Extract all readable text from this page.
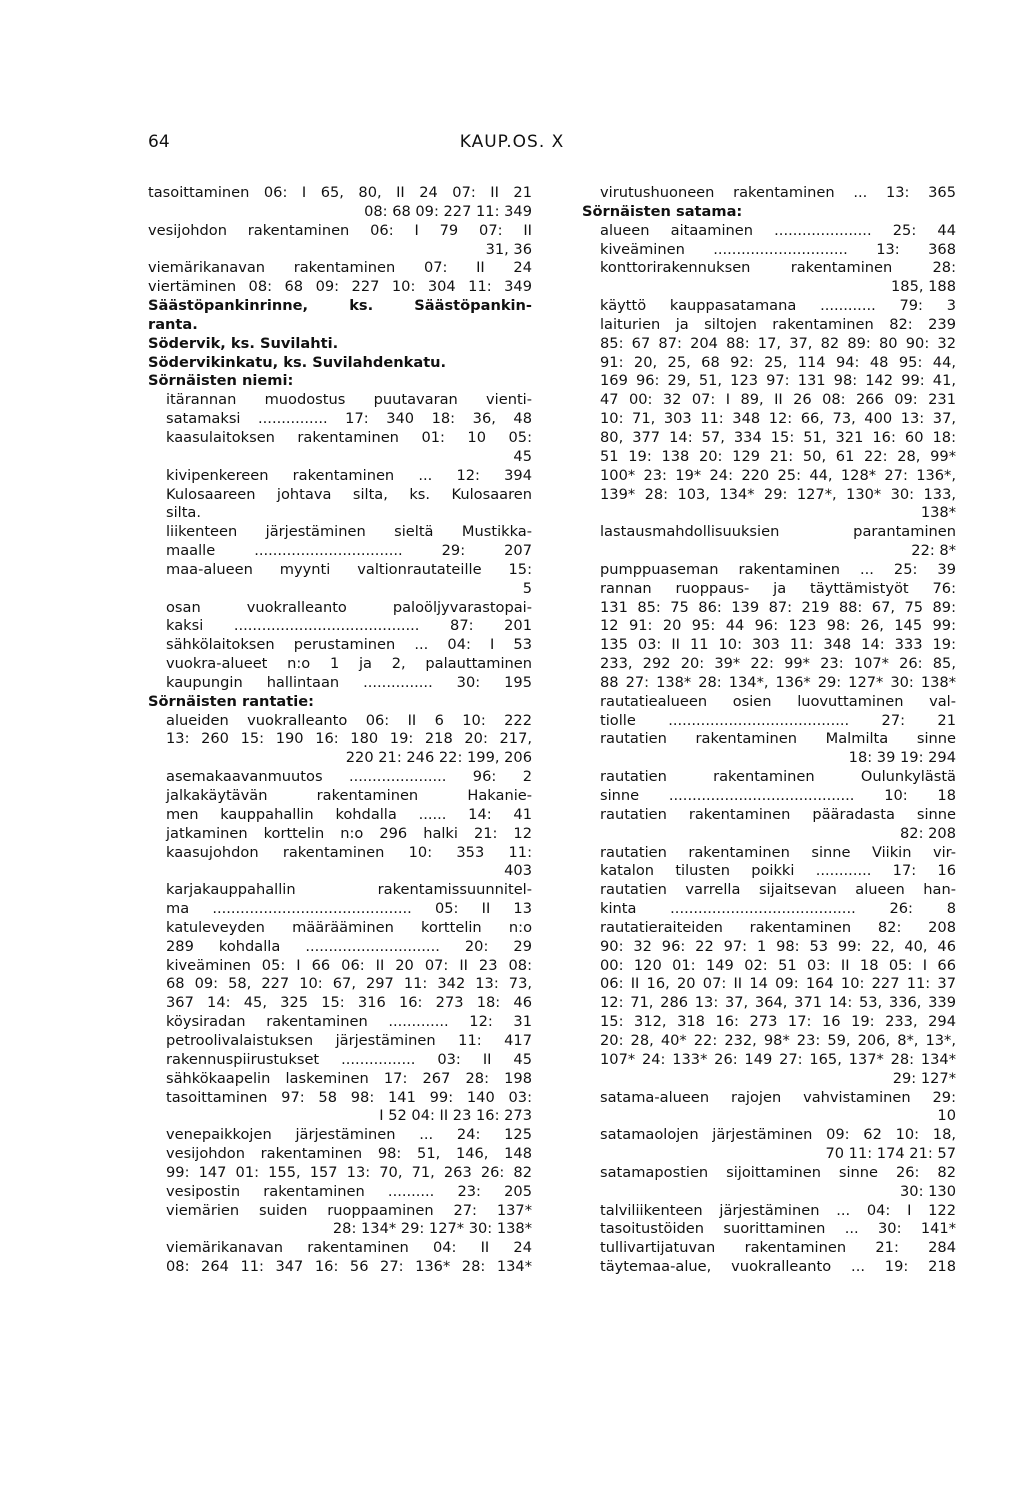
64	KAUP.OS. X
tasoittaminen 06: I 65, 80, II 24 07: II 21
08: 68 09: 227 11: 349
vesijohdon rakentaminen 06: I 79 07: II
31, 36
viemärikanavan rakentaminen 07: II 24
viertäminen 08: 68 09: 227 10: 304 11: 349
Säästöpankinrinne, ks. Säästöpankin-
ranta.
Södervik, ks. Suvilahti.
Södervikinkatu, ks. Suvilahdenkatu.
Sörnäisten niemi:
itärannan muodostus puutavaran vienti-
satamaksi ............... 17: 340 18: 36, 48
kaasulaitoksen rakentaminen 01: 10 05:
45
kivipenkereen rakentaminen ... 12: 394
Kulosaareen johtava silta, ks. Kulosaaren
silta.
liikenteen järjestäminen sieltä Mustikka-
maalle ................................ 29: 207
maa-alueen myynti valtionrautateille 15:
5
osan vuokralleanto paloöljyvarastopai-
kaksi ........................................ 87: 201
sähkölaitoksen perustaminen ... 04: I 53
vuokra-alueet n:o 1 ja 2, palauttaminen
kaupungin hallintaan ............... 30: 195
Sörnäisten rantatie:
alueiden vuokralleanto 06: II 6 10: 222
13: 260 15: 190 16: 180 19: 218 20: 217,
220 21: 246 22: 199, 206
asemakaavanmuutos ..................... 96: 2
jalkakäytävän rakentaminen Hakanie-
men kauppahallin kohdalla ...... 14: 41
jatkaminen korttelin n:o 296 halki 21: 12
kaasujohdon rakentaminen 10: 353 11:
403
karjakauppahallin rakentamissuunnitel-
ma ........................................... 05: II 13
katuleveyden määrääminen korttelin n:o
289 kohdalla ............................. 20: 29
kiveäminen 05: I 66 06: II 20 07: II 23 08:
68 09: 58, 227 10: 67, 297 11: 342 13: 73,
367 14: 45, 325 15: 316 16: 273 18: 46
köysiradan rakentaminen ............. 12: 31
petroolivalaistuksen järjestäminen 11: 417
rakennuspiirustukset ................ 03: II 45
sähkökaapelin laskeminen 17: 267 28: 198
tasoittaminen 97: 58 98: 141 99: 140 03:
I 52 04: II 23 16: 273
venepaikkojen järjestäminen ... 24: 125
vesijohdon rakentaminen 98: 51, 146, 148
99: 147 01: 155, 157 13: 70, 71, 263 26: 82
vesipostin rakentaminen .......... 23: 205
viemärien suiden ruoppaaminen 27: 137*
28: 134* 29: 127* 30: 138*
viemärikanavan rakentaminen 04: II 24
08: 264 11: 347 16: 56 27: 136* 28: 134*
virutushuoneen rakentaminen ... 13: 365
Sörnäisten satama:
alueen aitaaminen ..................... 25: 44
kiveäminen ............................. 13: 368
konttorirakennuksen rakentaminen 28:
185, 188
käyttö kauppasatamana ............ 79: 3
laiturien ja siltojen rakentaminen 82: 239
85: 67 87: 204 88: 17, 37, 82 89: 80 90: 32
91: 20, 25, 68 92: 25, 114 94: 48 95: 44,
169 96: 29, 51, 123 97: 131 98: 142 99: 41,
47 00: 32 07: I 89, II 26 08: 266 09: 231
10: 71, 303 11: 348 12: 66, 73, 400 13: 37,
80, 377 14: 57, 334 15: 51, 321 16: 60 18:
51 19: 138 20: 129 21: 50, 61 22: 28, 99*
100* 23: 19* 24: 220 25: 44, 128* 27: 136*,
139* 28: 103, 134* 29: 127*, 130* 30: 133,
138*
lastausmahdollisuuksien parantaminen
22: 8*
pumppuaseman rakentaminen ... 25: 39
rannan ruoppaus- ja täyttämistyöt 76:
131 85: 75 86: 139 87: 219 88: 67, 75 89:
12 91: 20 95: 44 96: 123 98: 26, 145 99:
135 03: II 11 10: 303 11: 348 14: 333 19:
233, 292 20: 39* 22: 99* 23: 107* 26: 85,
88 27: 138* 28: 134*, 136* 29: 127* 30: 138*
rautatiealueen osien luovuttaminen val-
tiolle ....................................... 27: 21
rautatien rakentaminen Malmilta sinne
18: 39 19: 294
rautatien rakentaminen Oulunkylästä
sinne ........................................ 10: 18
rautatien rakentaminen pääradasta sinne
82: 208
rautatien rakentaminen sinne Viikin vir-
katalon tilusten poikki ............ 17: 16
rautatien varrella sijaitsevan alueen han-
kinta ........................................ 26: 8
rautatieraiteiden rakentaminen 82: 208
90: 32 96: 22 97: 1 98: 53 99: 22, 40, 46
00: 120 01: 149 02: 51 03: II 18 05: I 66
06: II 16, 20 07: II 14 09: 164 10: 227 11: 37
12: 71, 286 13: 37, 364, 371 14: 53, 336, 339
15: 312, 318 16: 273 17: 16 19: 233, 294
20: 28, 40* 22: 232, 98* 23: 59, 206, 8*, 13*,
107* 24: 133* 26: 149 27: 165, 137* 28: 134*
29: 127*
satama-alueen rajojen vahvistaminen 29:
10
satamaolojen järjestäminen 09: 62 10: 18,
70 11: 174 21: 57
satamapostien sijoittaminen sinne 26: 82
30: 130
talviliikenteen järjestäminen ... 04: I 122
tasoitustöiden suorittaminen ... 30: 141*
tullivartijatuvan rakentaminen 21: 284
täytemaa-alue, vuokralleanto ... 19: 218
